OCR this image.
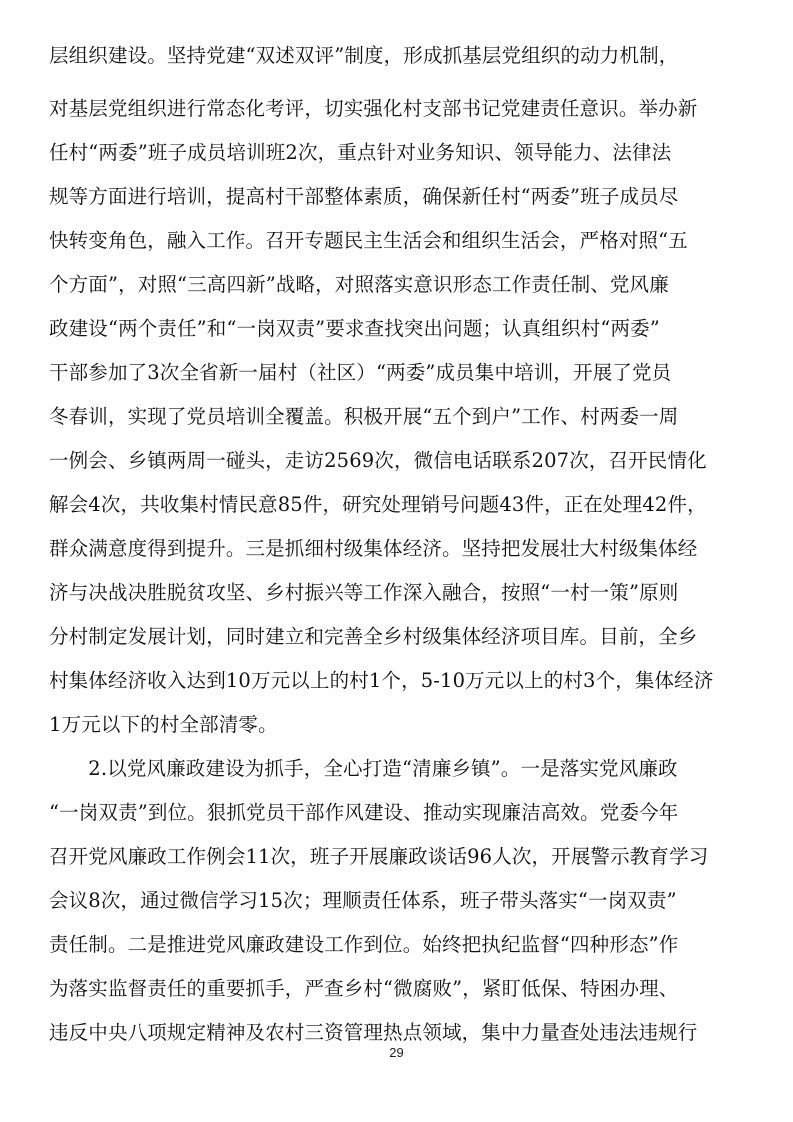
层组织建设。坚持党建“双述双评”制度，形成抓基层党组织的动力机制，
对基层党组织进行常态化考评，切实强化村支部书记党建责任意识。举办新
任村“两委”班子成员培训班2次，重点针对业务知识、领导能力、法律法
规等方面进行培训，提高村干部整体素质，确保新任村“两委”班子成员尽
快转变角色，融入工作。召开专题民主生活会和组织生活会，严格对照“五
个方面”，对照“三高四新”战略，对照落实意识形态工作责任制、党风廉
政建设“两个责任”和“一岗双责”要求查找突出问题；认真组织村“两委”
干部参加了3次全省新一届村（社区）“两委”成员集中培训，开展了党员
冬春训，实现了党员培训全覆盖。积极开展“五个到户”工作、村两委一周
一例会、乡镇两周一碰头，走访2569次，微信电话联系207次，召开民情化
解会4次，共收集村情民意85件，研究处理销号问题43件，正在处理42件，
群众满意度得到提升。三是抓细村级集体经济。坚持把发展壮大村级集体经
济与决战决胜脱贫攻坚、乡村振兴等工作深入融合，按照“一村一策”原则
分村制定发展计划，同时建立和完善全乡村级集体经济项目库。目前，全乡
村集体经济收入达到10万元以上的村1个，5-10万元以上的村3个，集体经济
1万元以下的村全部清零。
　　2.以党风廉政建设为抓手，全心打造“清廉乡镇”。一是落实党风廉政
“一岗双责”到位。狠抓党员干部作风建设、推动实现廉洁高效。党委今年
召开党风廉政工作例会11次，班子开展廉政谈话96人次，开展警示教育学习
会议8次，通过微信学习15次；理顺责任体系，班子带头落实“一岗双责”
责任制。二是推进党风廉政建设工作到位。始终把执纪监督“四种形态”作
为落实监督责任的重要抓手，严查乡村“微腐败”，紧盯低保、特困办理、
违反中央八项规定精神及农村三资管理热点领域，集中力量查处违法违规行
29
